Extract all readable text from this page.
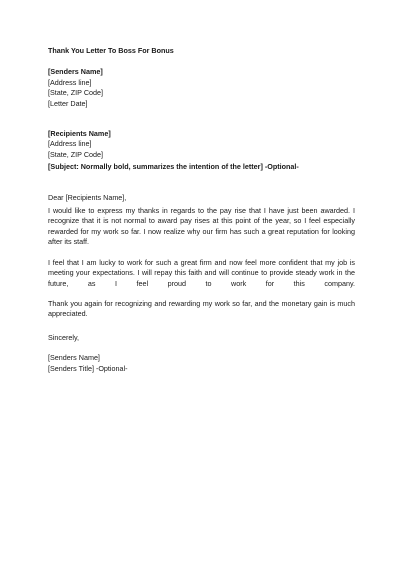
Thank You Letter To Boss For Bonus

[Senders Name]
[Address line]
[State, ZIP Code]
[Letter Date]
[Recipients Name]
[Address line]
[State, ZIP Code]
[Subject: Normally bold, summarizes the intention of the letter] -Optional-
Dear [Recipients Name],

I would like to express my thanks in regards to the pay rise that I have just been awarded. I recognize that it is not normal to award pay rises at this point of the year, so I feel especially rewarded for my work so far. I now realize why our firm has such a great reputation for looking after its staff.

I feel that I am lucky to work for such a great firm and now feel more confident that my job is meeting your expectations. I will repay this faith and will continue to provide steady work in the future, as I feel proud to work for this company.

Thank you again for recognizing and rewarding my work so far, and the monetary gain is much appreciated.

Sincerely,
[Senders Name]
[Senders Title] -Optional-
